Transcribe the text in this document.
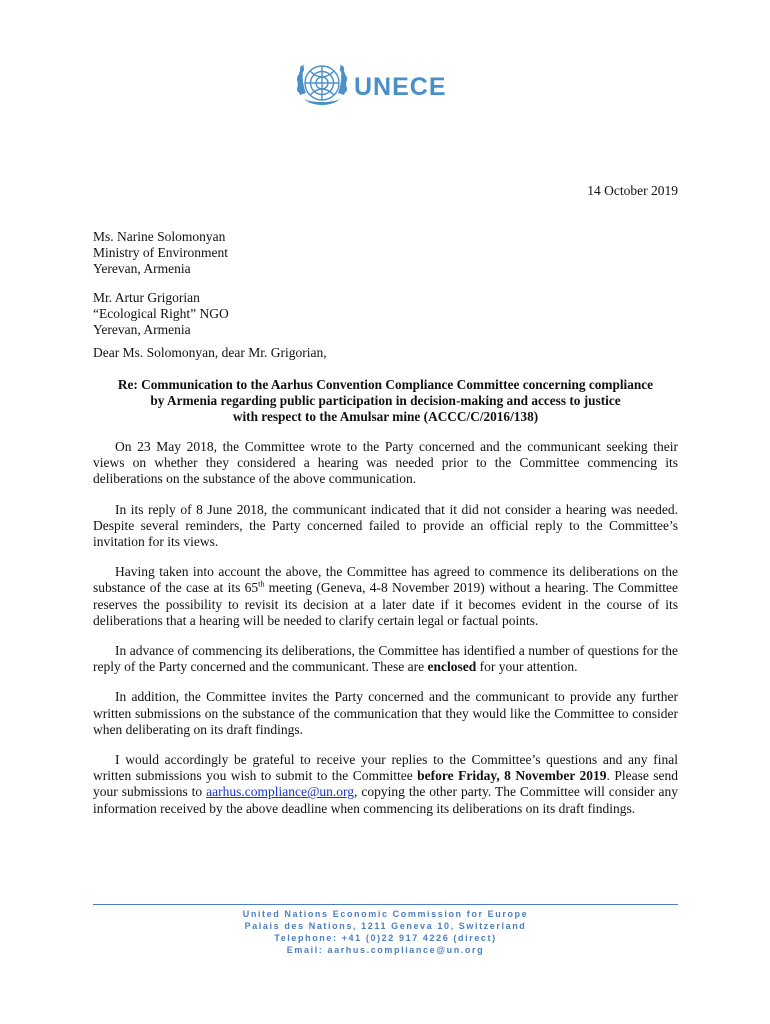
UNECE
14 October 2019
Ms. Narine Solomonyan
Ministry of Environment
Yerevan, Armenia
Mr. Artur Grigorian
“Ecological Right” NGO
Yerevan, Armenia
Dear Ms. Solomonyan, dear Mr. Grigorian,
Re: Communication to the Aarhus Convention Compliance Committee concerning compliance
by Armenia regarding public participation in decision-making and access to justice
with respect to the Amulsar mine (ACCC/C/2016/138)

On 23 May 2018, the Committee wrote to the Party concerned and the communicant seeking their views on whether they considered a hearing was needed prior to the Committee commencing its deliberations on the substance of the above communication.

In its reply of 8 June 2018, the communicant indicated that it did not consider a hearing was needed. Despite several reminders, the Party concerned failed to provide an official reply to the Committee’s invitation for its views.

Having taken into account the above, the Committee has agreed to commence its deliberations on the substance of the case at its 65th meeting (Geneva, 4-8 November 2019) without a hearing. The Committee reserves the possibility to revisit its decision at a later date if it becomes evident in the course of its deliberations that a hearing will be needed to clarify certain legal or factual points.

In advance of commencing its deliberations, the Committee has identified a number of questions for the reply of the Party concerned and the communicant. These are enclosed for your attention.

In addition, the Committee invites the Party concerned and the communicant to provide any further written submissions on the substance of the communication that they would like the Committee to consider when deliberating on its draft findings.

I would accordingly be grateful to receive your replies to the Committee’s questions and any final written submissions you wish to submit to the Committee before Friday, 8 November 2019. Please send your submissions to aarhus.compliance@un.org, copying the other party. The Committee will consider any information received by the above deadline when commencing its deliberations on its draft findings.

United Nations Economic Commission for Europe
Palais des Nations, 1211 Geneva 10, Switzerland
Telephone: +41 (0)22 917 4226 (direct)
Email: aarhus.compliance@un.org
